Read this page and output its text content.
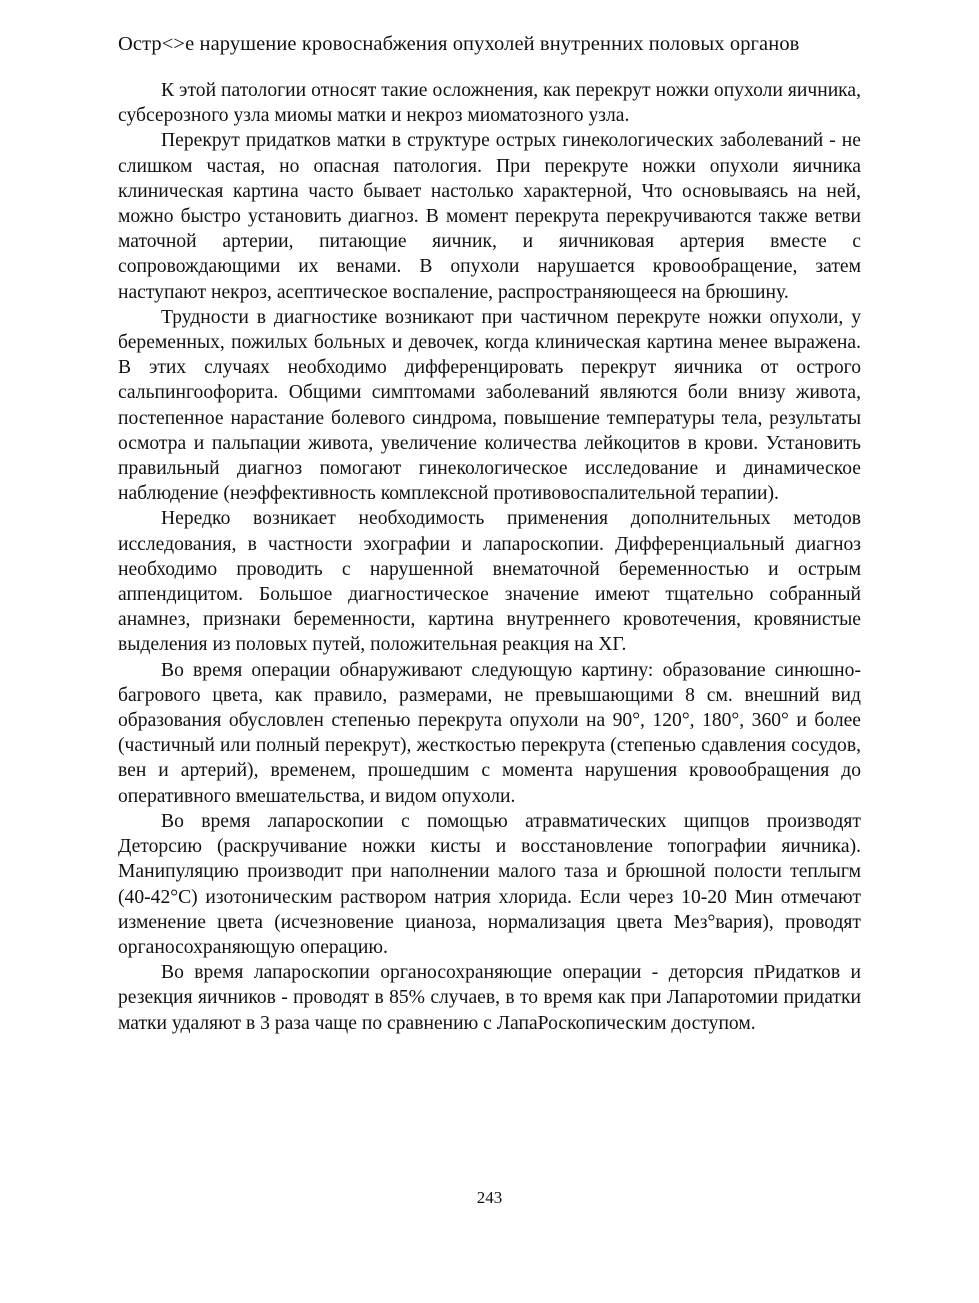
Остр<>е нарушение кровоснабжения опухолей внутренних половых органов

К этой патологии относят такие осложнения, как перекрут ножки опухоли яичника, субсерозного узла миомы матки и некроз миоматозного узла.

Перекрут придатков матки в структуре острых гинекологических заболеваний - не слишком частая, но опасная патология. При перекруте ножки опухоли яичника клиническая картина часто бывает настолько характерной, Что основываясь на ней, можно быстро установить диагноз. В момент перекрута перекручиваются также ветви маточной артерии, питающие яичник, и яичниковая артерия вместе с сопровождающими их венами. В опухоли нарушается кровообращение, затем наступают некроз, асептическое воспаление, распространяющееся на брюшину.

Трудности в диагностике возникают при частичном перекруте ножки опухоли, у беременных, пожилых больных и девочек, когда клиническая картина менее выражена. В этих случаях необходимо дифференцировать перекрут яичника от острого сальпингоофорита. Общими симптомами заболеваний являются боли внизу живота, постепенное нарастание болевого синдрома, повышение температуры тела, результаты осмотра и пальпации живота, увеличение количества лейкоцитов в крови. Установить правильный диагноз помогают гинекологическое исследование и динамическое наблюдение (неэффективность комплексной противовоспалительной терапии).

Нередко возникает необходимость применения дополнительных методов исследования, в частности эхографии и лапароскопии. Дифференциальный диагноз необходимо проводить с нарушенной внематочной беременностью и острым аппендицитом. Большое диагностическое значение имеют тщательно собранный анамнез, признаки беременности, картина внутреннего кровотечения, кровянистые выделения из половых путей, положительная реакция на ХГ.

Во время операции обнаруживают следующую картину: образование синюшно-багрового цвета, как правило, размерами, не превышающими 8 см. внешний вид образования обусловлен степенью перекрута опухоли на 90°, 120°, 180°, 360° и более (частичный или полный перекрут), жесткостью перекрута (степенью сдавления сосудов, вен и артерий), временем, прошедшим с момента нарушения кровообращения до оперативного вмешательства, и видом опухоли.

Во время лапароскопии с помощью атравматических щипцов производят Деторсию (раскручивание ножки кисты и восстановление топографии яичника). Манипуляцию производит при наполнении малого таза и брюшной полости теплыгм (40-42°С) изотоническим раствором натрия хлорида. Если через 10-20 Мин отмечают изменение цвета (исчезновение цианоза, нормализация цвета Мез°вария), проводят органосохраняющую операцию.

Во время лапароскопии органосохраняющие операции - деторсия пРидатков и резекция яичников - проводят в 85% случаев, в то время как при Лапаротомии придатки матки удаляют в 3 раза чаще по сравнению с ЛапаРоскопическим доступом.

243
